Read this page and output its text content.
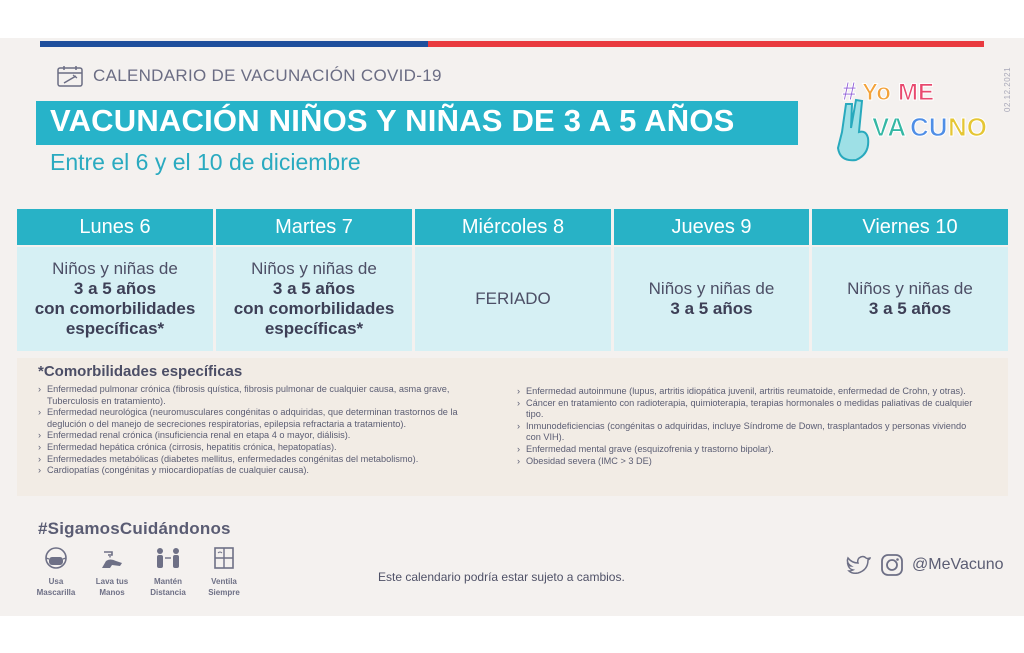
02.12.2021
CALENDARIO DE VACUNACIÓN COVID-19
VACUNACIÓN NIÑOS Y NIÑAS DE 3 A 5 AÑOS
Entre el 6 y el 10 de diciembre
# Yo ME
VA CU NO
Lunes 6
Niños y niñas de
3 a 5 años
con comorbilidades
específicas*
Martes 7
Niños y niñas de
3 a 5 años
con comorbilidades
específicas*
Miércoles 8
FERIADO
Jueves 9
Niños y niñas de
3 a 5 años
Viernes 10
Niños y niñas de
3 a 5 años
*Comorbilidades específicas
› Enfermedad pulmonar crónica (fibrosis quística, fibrosis pulmonar de cualquier causa, asma grave, Tuberculosis en tratamiento).
› Enfermedad neurológica (neuromusculares congénitas o adquiridas, que determinan trastornos de la deglución o del manejo de secreciones respiratorias, epilepsia refractaria a tratamiento).
› Enfermedad renal crónica (insuficiencia renal en etapa 4 o mayor, diálisis).
› Enfermedad hepática crónica (cirrosis, hepatitis crónica, hepatopatías).
› Enfermedades metabólicas (diabetes mellitus, enfermedades congénitas del metabolismo).
› Cardiopatías (congénitas y miocardiopatías de cualquier causa).
› Enfermedad autoinmune (lupus, artritis idiopática juvenil, artritis reumatoide, enfermedad de Crohn, y otras).
› Cáncer en tratamiento con radioterapia, quimioterapia, terapias hormonales o medidas paliativas de cualquier tipo.
› Inmunodeficiencias (congénitas o adquiridas, incluye Síndrome de Down, trasplantados y personas viviendo con VIH).
› Enfermedad mental grave (esquizofrenia y trastorno bipolar).
› Obesidad severa (IMC > 3 DE)
#SigamosCuidándonos
Usa
Mascarilla
Lava tus
Manos
Mantén
Distancia
Ventila
Siempre
Este calendario podría estar sujeto a cambios.
@MeVacuno
